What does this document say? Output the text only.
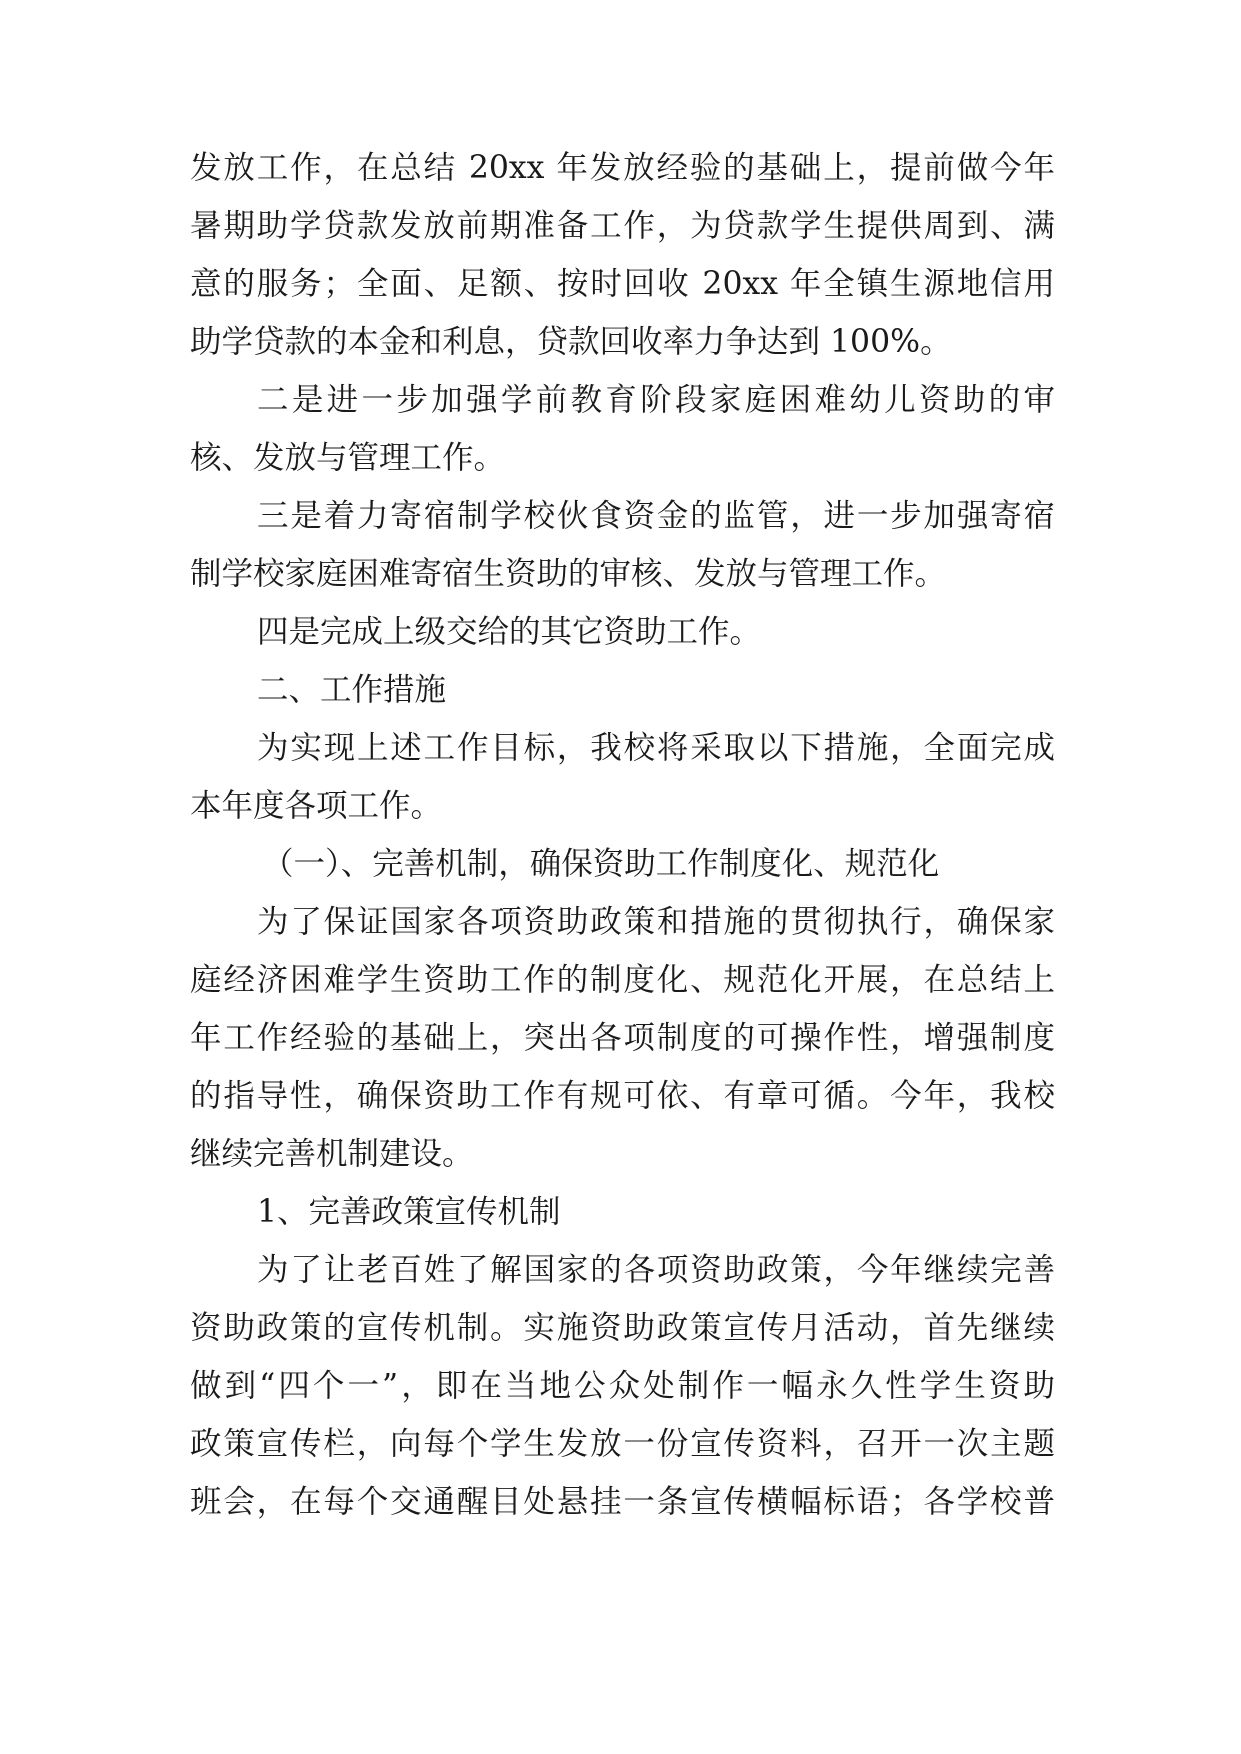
发放工作，在总结 20xx 年发放经验的基础上，提前做今年
暑期助学贷款发放前期准备工作，为贷款学生提供周到、满
意的服务；全面、足额、按时回收 20xx 年全镇生源地信用
助学贷款的本金和利息，贷款回收率力争达到 100%。
二是进一步加强学前教育阶段家庭困难幼儿资助的审
核、发放与管理工作。
三是着力寄宿制学校伙食资金的监管，进一步加强寄宿
制学校家庭困难寄宿生资助的审核、发放与管理工作。
四是完成上级交给的其它资助工作。
二、工作措施
为实现上述工作目标，我校将采取以下措施，全面完成
本年度各项工作。
（一）、完善机制，确保资助工作制度化、规范化
为了保证国家各项资助政策和措施的贯彻执行，确保家
庭经济困难学生资助工作的制度化、规范化开展，在总结上
年工作经验的基础上，突出各项制度的可操作性，增强制度
的指导性，确保资助工作有规可依、有章可循。今年，我校
继续完善机制建设。
1、完善政策宣传机制
为了让老百姓了解国家的各项资助政策，今年继续完善
资助政策的宣传机制。实施资助政策宣传月活动，首先继续
做到“四个一”，即在当地公众处制作一幅永久性学生资助
政策宣传栏，向每个学生发放一份宣传资料，召开一次主题
班会，在每个交通醒目处悬挂一条宣传横幅标语；各学校普
